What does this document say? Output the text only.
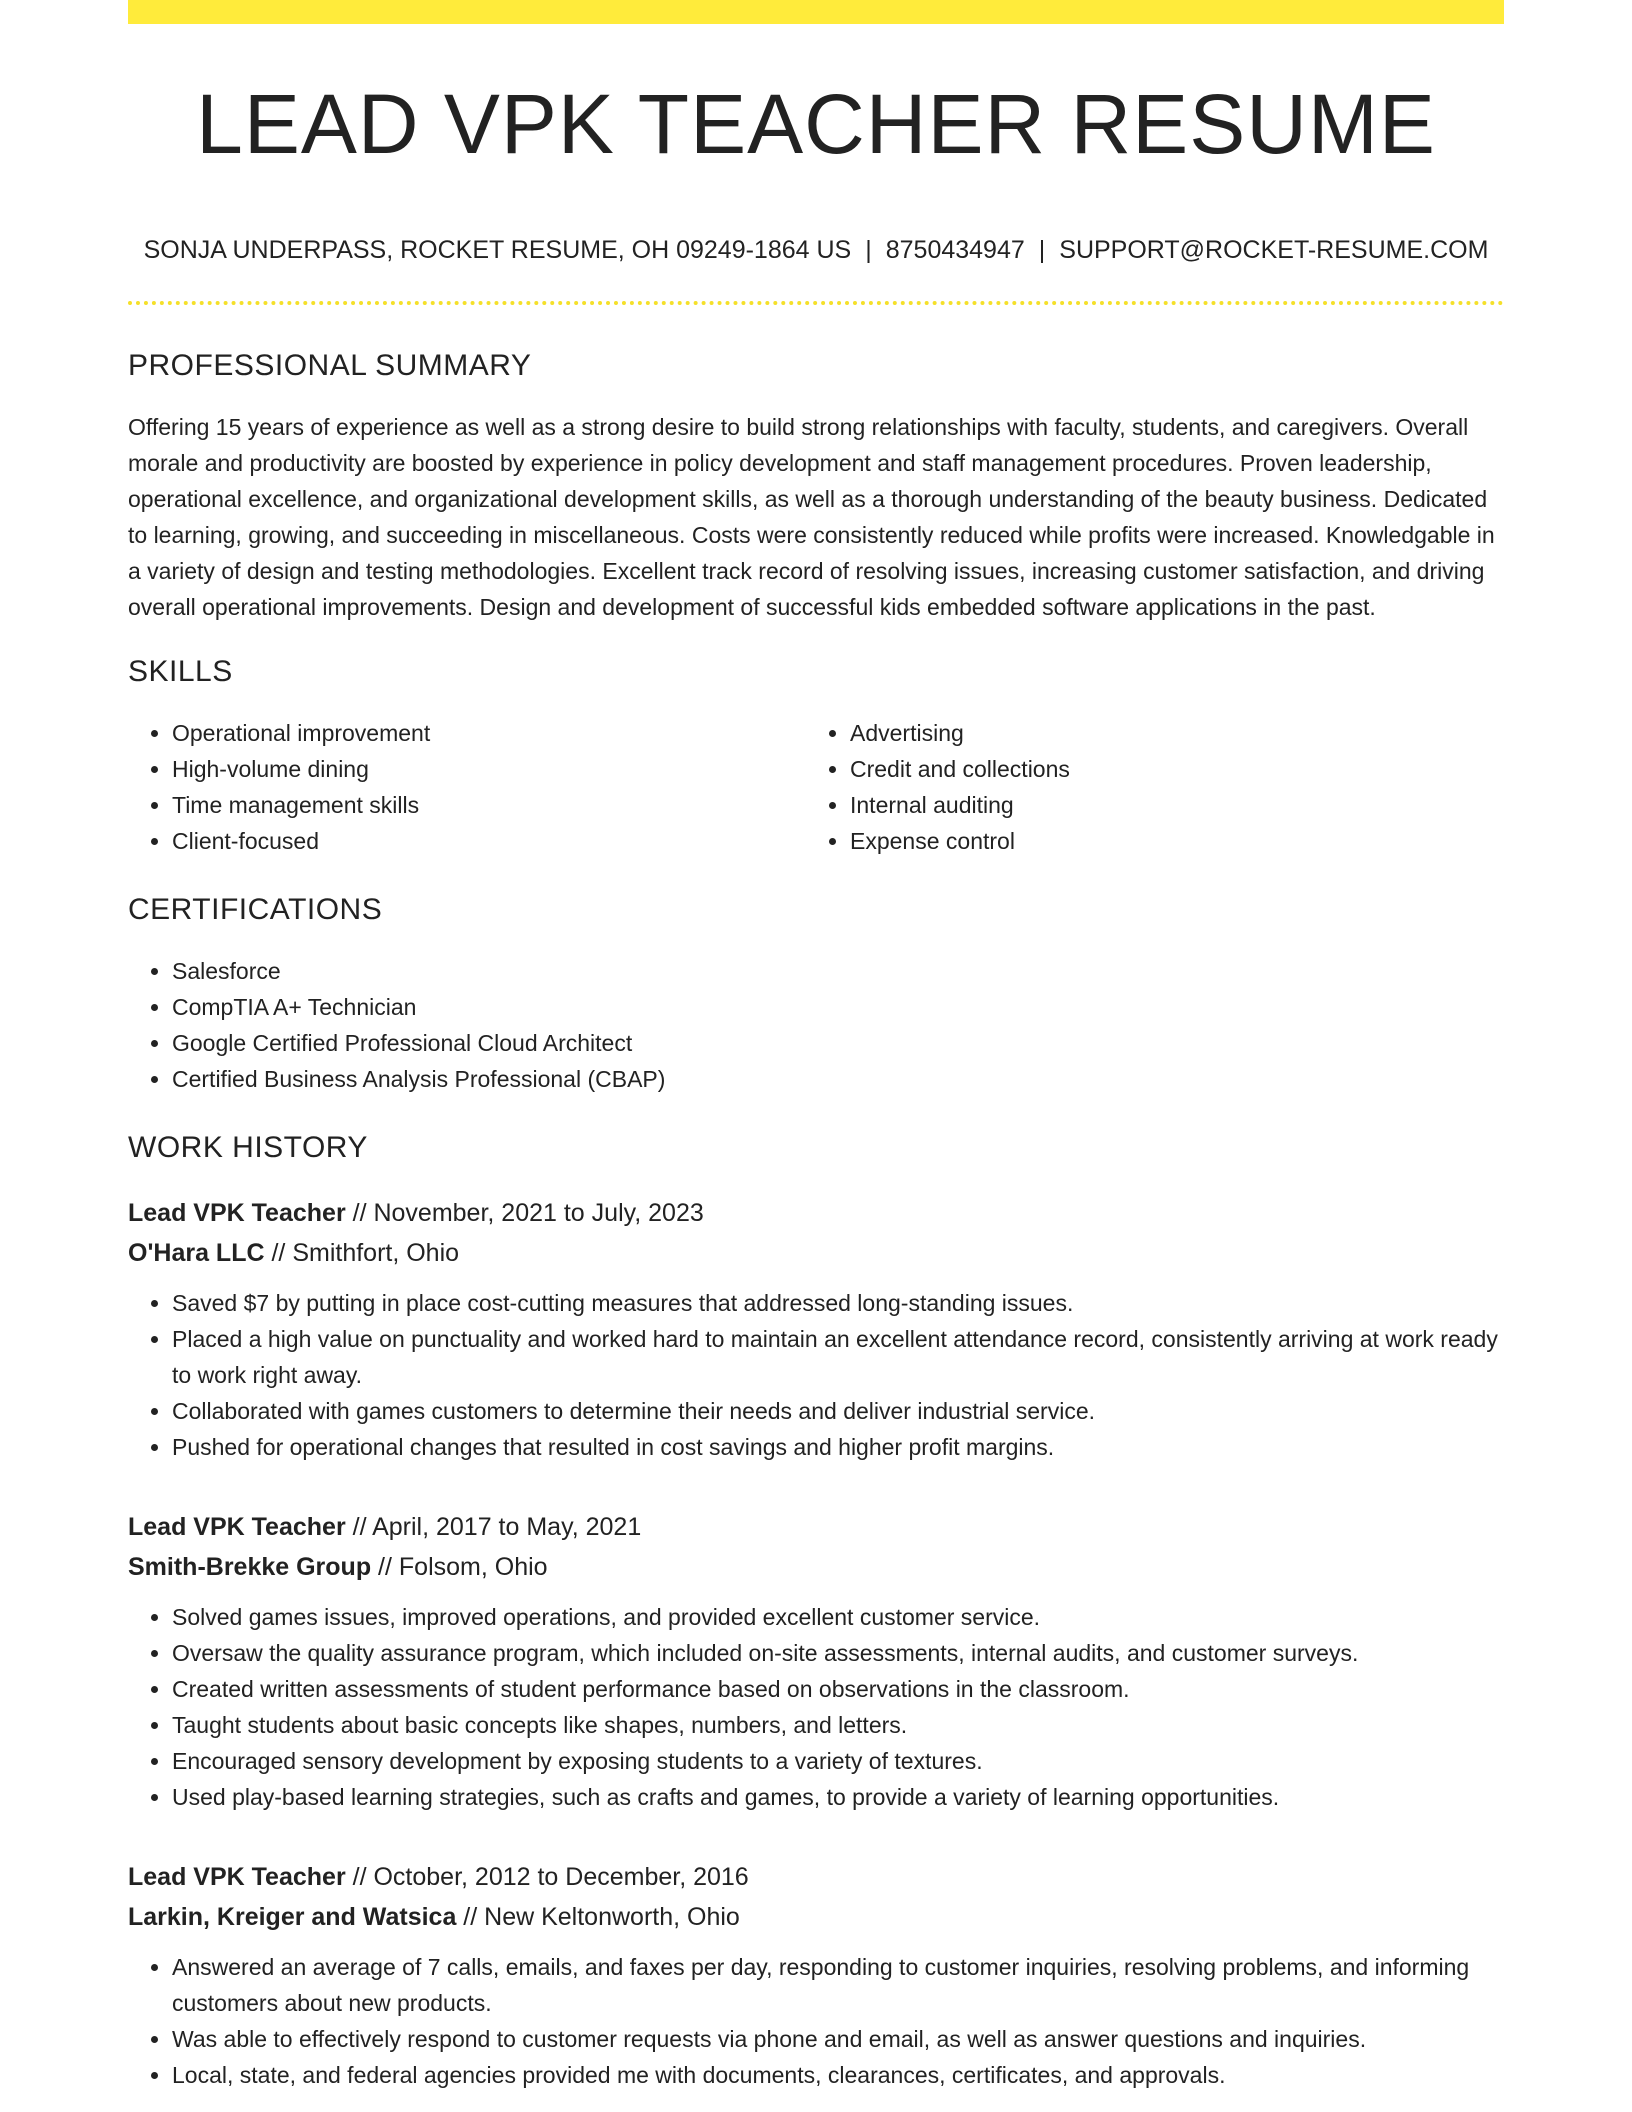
LEAD VPK TEACHER RESUME
SONJA UNDERPASS, ROCKET RESUME, OH 09249-1864 US | 8750434947 | SUPPORT@ROCKET-RESUME.COM
PROFESSIONAL SUMMARY

Offering 15 years of experience as well as a strong desire to build strong relationships with faculty, students, and caregivers. Overall morale and productivity are boosted by experience in policy development and staff management procedures. Proven leadership, operational excellence, and organizational development skills, as well as a thorough understanding of the beauty business. Dedicated to learning, growing, and succeeding in miscellaneous. Costs were consistently reduced while profits were increased. Knowledgable in a variety of design and testing methodologies. Excellent track record of resolving issues, increasing customer satisfaction, and driving overall operational improvements. Design and development of successful kids embedded software applications in the past.

SKILLS
• Operational improvement
• High-volume dining
• Time management skills
• Client-focused
• Advertising
• Credit and collections
• Internal auditing
• Expense control
CERTIFICATIONS
• Salesforce
• CompTIA A+ Technician
• Google Certified Professional Cloud Architect
• Certified Business Analysis Professional (CBAP)
WORK HISTORY
Lead VPK Teacher // November, 2021 to July, 2023
O'Hara LLC // Smithfort, Ohio
• Saved $7 by putting in place cost-cutting measures that addressed long-standing issues.
• Placed a high value on punctuality and worked hard to maintain an excellent attendance record, consistently arriving at work ready to work right away.
• Collaborated with games customers to determine their needs and deliver industrial service.
• Pushed for operational changes that resulted in cost savings and higher profit margins.
Lead VPK Teacher // April, 2017 to May, 2021
Smith-Brekke Group // Folsom, Ohio
• Solved games issues, improved operations, and provided excellent customer service.
• Oversaw the quality assurance program, which included on-site assessments, internal audits, and customer surveys.
• Created written assessments of student performance based on observations in the classroom.
• Taught students about basic concepts like shapes, numbers, and letters.
• Encouraged sensory development by exposing students to a variety of textures.
• Used play-based learning strategies, such as crafts and games, to provide a variety of learning opportunities.
Lead VPK Teacher // October, 2012 to December, 2016
Larkin, Kreiger and Watsica // New Keltonworth, Ohio
• Answered an average of 7 calls, emails, and faxes per day, responding to customer inquiries, resolving problems, and informing customers about new products.
• Was able to effectively respond to customer requests via phone and email, as well as answer questions and inquiries.
• Local, state, and federal agencies provided me with documents, clearances, certificates, and approvals.
